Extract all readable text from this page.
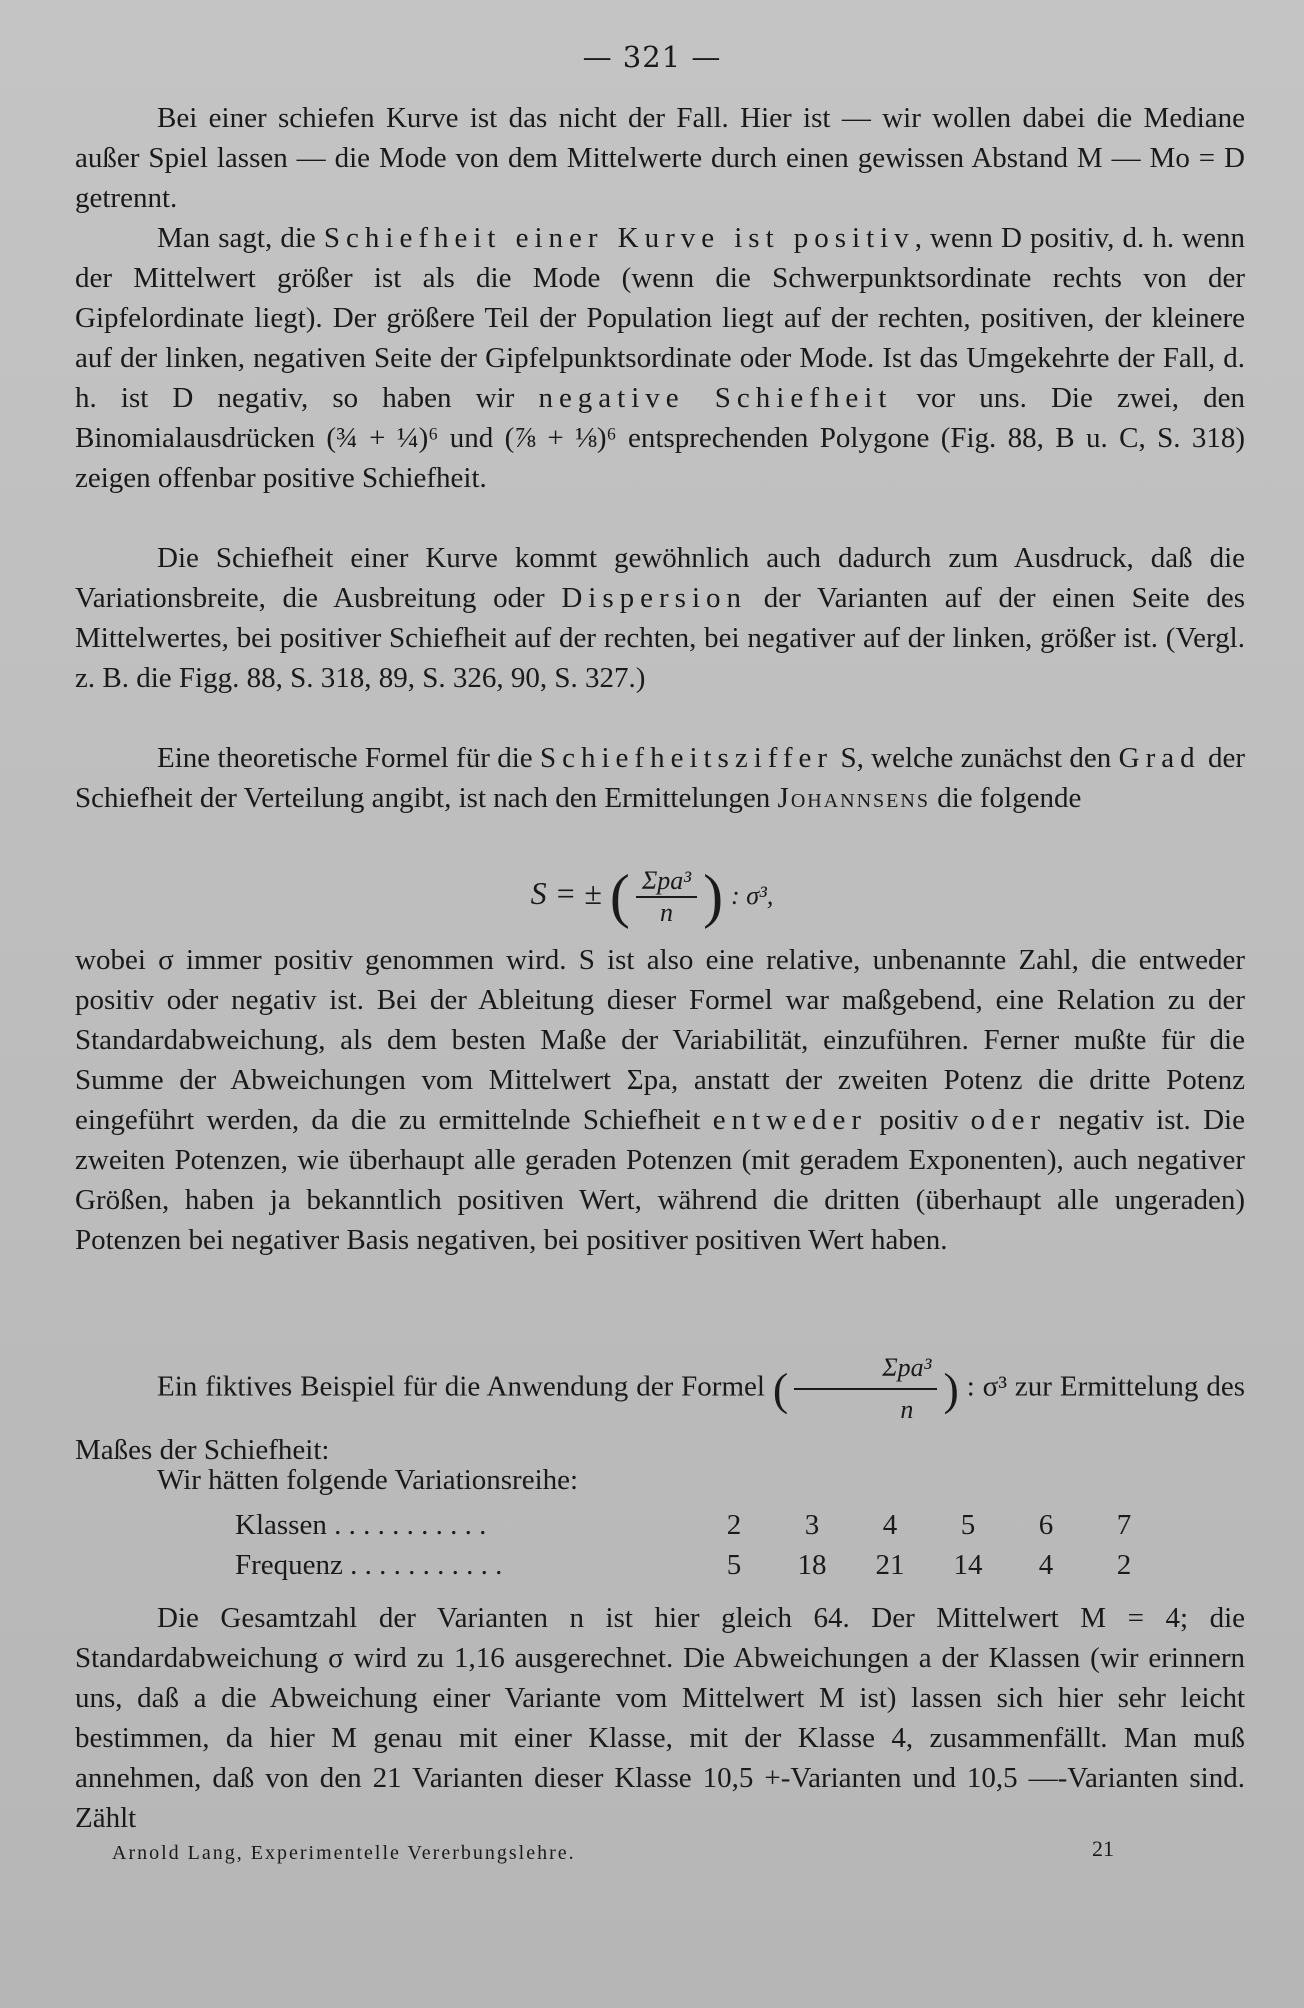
— 321 —

Bei einer schiefen Kurve ist das nicht der Fall. Hier ist — wir wollen dabei die Mediane außer Spiel lassen — die Mode von dem Mittelwerte durch einen gewissen Abstand M — Mo = D getrennt.

Man sagt, die Schiefheit einer Kurve ist positiv, wenn D positiv, d. h. wenn der Mittelwert größer ist als die Mode (wenn die Schwerpunktsordinate rechts von der Gipfelordinate liegt). Der größere Teil der Population liegt auf der rechten, positiven, der kleinere auf der linken, negativen Seite der Gipfelpunktsordinate oder Mode. Ist das Umgekehrte der Fall, d. h. ist D negativ, so haben wir negative Schiefheit vor uns. Die zwei, den Binomialausdrücken (¾ + ¼)⁶ und (⅞ + ⅛)⁶ entsprechenden Polygone (Fig. 88, B u. C, S. 318) zeigen offenbar positive Schiefheit.

Die Schiefheit einer Kurve kommt gewöhnlich auch dadurch zum Ausdruck, daß die Variationsbreite, die Ausbreitung oder Dispersion der Varianten auf der einen Seite des Mittelwertes, bei positiver Schiefheit auf der rechten, bei negativer auf der linken, größer ist. (Vergl. z. B. die Figg. 88, S. 318, 89, S. 326, 90, S. 327.)

Eine theoretische Formel für die Schiefheitsziffer S, welche zunächst den Grad der Schiefheit der Verteilung angibt, ist nach den Ermittelungen Johannsens die folgende

S = ± ( $\frac{\text{Σpa³}}{n}$ ) : σ³,

wobei σ immer positiv genommen wird. S ist also eine relative, unbenannte Zahl, die entweder positiv oder negativ ist. Bei der Ableitung dieser Formel war maßgebend, eine Relation zu der Standardabweichung, als dem besten Maße der Variabilität, einzuführen. Ferner mußte für die Summe der Abweichungen vom Mittelwert Σpa, anstatt der zweiten Potenz die dritte Potenz eingeführt werden, da die zu ermittelnde Schiefheit entweder positiv oder negativ ist. Die zweiten Potenzen, wie überhaupt alle geraden Potenzen (mit geradem Exponenten), auch negativer Größen, haben ja bekanntlich positiven Wert, während die dritten (überhaupt alle ungeraden) Potenzen bei negativer Basis negativen, bei positiver positiven Wert haben.

Ein fiktives Beispiel für die Anwendung der Formel ( $\frac{\text{Σpa³}}{n}$ ) : σ³ zur Ermittelung des Maßes der Schiefheit:

Wir hätten folgende Variationsreihe:

Klassen . . . . . . . . . . .	2	3	4	5	6	7
Frequenz . . . . . . . . . . .	5	18	21	14	4	2

Die Gesamtzahl der Varianten n ist hier gleich 64. Der Mittelwert M = 4; die Standardabweichung σ wird zu 1,16 ausgerechnet. Die Abweichungen a der Klassen (wir erinnern uns, daß a die Abweichung einer Variante vom Mittelwert M ist) lassen sich hier sehr leicht bestimmen, da hier M genau mit einer Klasse, mit der Klasse 4, zusammenfällt. Man muß annehmen, daß von den 21 Varianten dieser Klasse 10,5 +-Varianten und 10,5 —-Varianten sind. Zählt

Arnold Lang, Experimentelle Vererbungslehre.	21
